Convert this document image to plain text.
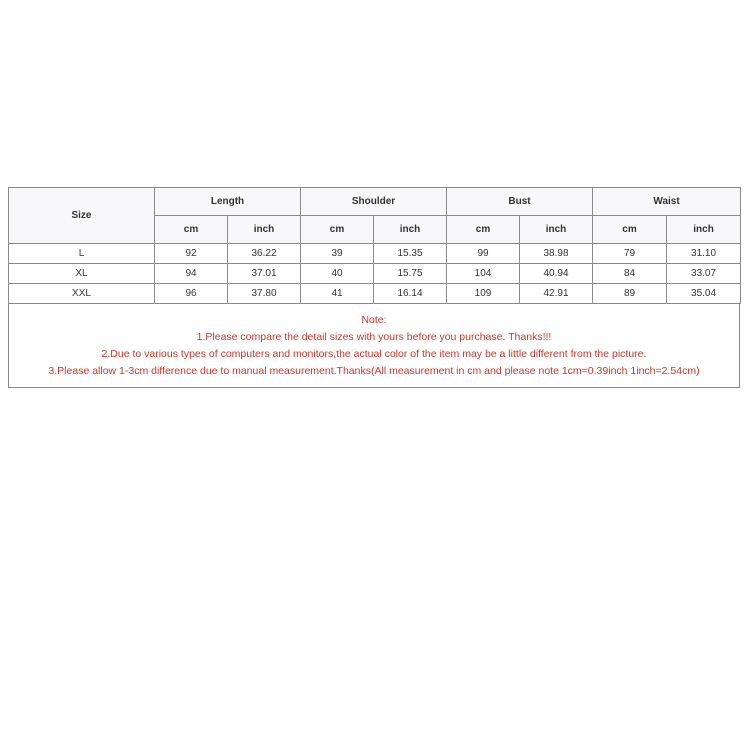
Size	Length		Shoulder		Bust		Waist	
	cm	inch	cm	inch	cm	inch	cm	inch
L	92	36.22	39	15.35	99	38.98	79	31.10
XL	94	37.01	40	15.75	104	40.94	84	33.07
XXL	96	37.80	41	16.14	109	42.91	89	35.04
Note:
1.Please compare the detail sizes with yours before you purchase. Thanks!!!
2.Due to various types of computers and monitors,the actual color of the item may be a little different from the picture.
3.Please allow 1-3cm difference due to manual measurement.Thanks(All measurement in cm and please note 1cm=0.39inch 1inch=2.54cm)
